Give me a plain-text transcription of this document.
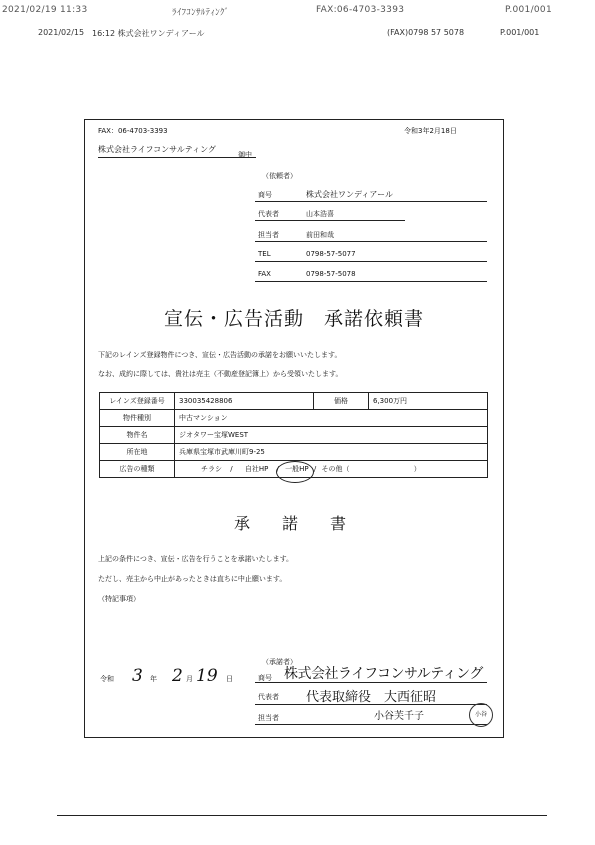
2021/02/19 11:33	ﾗｲﾌｺﾝｻﾙﾃｨﾝｸﾞ	FAX:06-4703-3393	P.001/001
2021/02/15 16:12 株式会社ワンディアール	(FAX)0798 57 5078	P.001/001
FAX：06-4703-3393	令和3年2月18日
株式会社ライフコンサルティング
御中
（依頼者）
商号	株式会社ワンディアール
代表者	山本浩喜
担当者	前田和哉
TEL	0798-57-5077
FAX	0798-57-5078
宣伝・広告活動　承諾依頼書
下記のレインズ登録物件につき、宣伝・広告活動の承諾をお願いいたします。
なお、成約に際しては、貴社は売主（不動産登記簿上）から受領いたします。
レインズ登録番号	330035428806	価格	6,300万円
物件種別	中古マンション		
物件名	ジオタワー宝塚WEST		
所在地	兵庫県宝塚市武庫川町9-25		
広告の種類	チラシ / 自社HP / 一般HP / その他（ ）		
承　　諾　　書
上記の条件につき、宣伝・広告を行うことを承諾いたします。
ただし、売主から中止があったときは直ちに中止願います。
（特記事項）
令和 3 年 2 月 19 日
（承諾者）
商号 株式会社ライフコンサルティング
代表者 代表取締役　大西征昭
担当者	小谷芙千子	小谷
